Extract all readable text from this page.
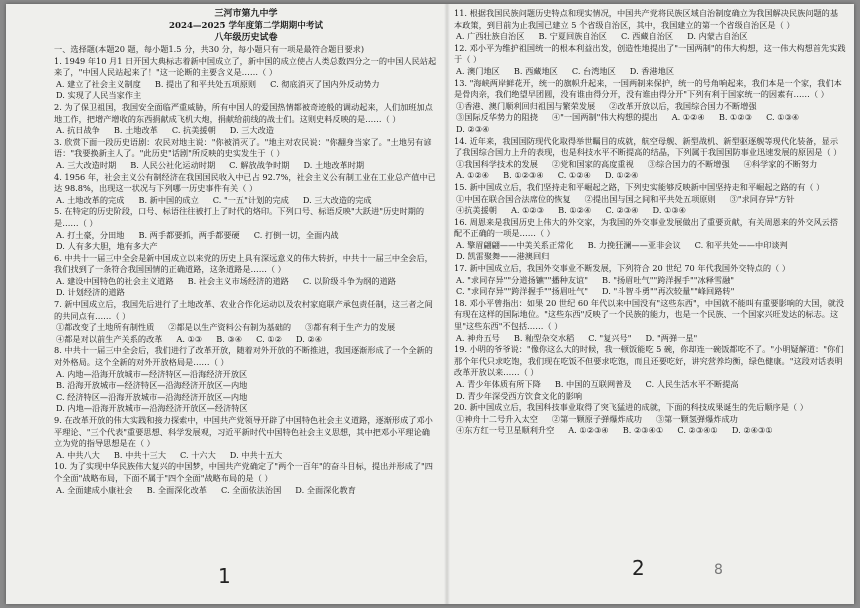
三河市第九中学
2024—2025 学年度第二学期期中考试
八年级历史试卷

一、选择题(本题20 题，每小题1.5 分，共30 分，每小题只有一项是最符合题目要求)

1. 1949 年10 月1 日开国大典标志着新中国成立了，新中国的成立使占人类总数四分之一的中国人民站起来了，"中国人民站起来了！"这一论断的主要含义是……（ ）

A. 建立了社会主义制度 B. 提出了和平共处五项原则 C. 彻底消灭了国内外反动势力
D. 实现了人民当家作主

2. 为了保卫祖国，我国安全面临严重威胁，所有中国人的爱国热情都被奇迹般的调动起来，人们加班加点地工作，把增产增收的东西捐献成飞机大炮，捐献给前线的战士们。这则史料反映的是……（ ）

A. 抗日战争 B. 土地改革 C. 抗美援朝 D. 三大改造

3. 欣赏下面一段历史语剧：农民对地主说："你被消灭了。"地主对农民说："你翻身当家了。"土地另有谚语："我要换新主人了。"此历史"话剧"所反映的史实发生于（ ）

A. 三大改造时期 B. 人民公社化运动时期 C. 解放战争时期 D. 土地改革时期

4. 1956 年，社会主义公有制经济在我国国民收入中已占 92.7%，社会主义公有制工业在工业总产值中已达 98.8%，出现这一状况与下列哪一历史事件有关（ ）

A. 土地改革的完成 B. 新中国的成立 C. "一五"计划的完成 D. 三大改造的完成

5. 在特定的历史阶段，口号、标语往往被打上了时代的烙印。下列口号、标语反映"大跃进"历史时期的是……（ ）

A. 打土豪，分田地 B. 两手都要抓，两手都要硬 C. 打倒一切，全面内战
D. 人有多大胆，地有多大产

6. 中共十一届三中全会是新中国成立以来党的历史上具有深远意义的伟大转折，中共十一届三中全会后，我们找到了一条符合我国国情的正确道路，这条道路是……（ ）

A. 建设中国特色的社会主义道路 B. 社会主义市场经济的道路 C. 以阶级斗争为纲的道路
D. 计划经济的道路

7. 新中国成立后，我国先后进行了土地改革、农业合作化运动以及农村家庭联产承包责任制，这三者之间的共同点有……（ ）

①都改变了土地所有制性质 ②都是以生产资料公有制为基础的 ③都有利于生产力的发展
④都是对以前生产关系的改革 A. ①③ B. ③④ C. ①② D. ②④

8. 中共十一届三中全会后，我们进行了改革开放，随着对外开放的不断推进，我国逐渐形成了一个全新的对外格局。这个全新的对外开放格局是……（ ）

A. 内地—沿海开放城市—经济特区—沿海经济开放区
B. 沿海开放城市—经济特区—沿海经济开放区—内地
C. 经济特区—沿海开放城市—沿海经济开放区—内地
D. 内地—沿海开放城市—沿海经济开放区—经济特区

9. 在改革开放的伟大实践和接力探索中，中国共产党领导开辟了中国特色社会主义道路，逐渐形成了邓小平理论、"三个代表"重要思想、科学发展观，习近平新时代中国特色社会主义思想，其中把邓小平理论确立为党的指导思想是在（ ）

A. 中共八大 B. 中共十三大 C. 十六大 D. 中共十五大

10. 为了实现中华民族伟大复兴的中国梦，中国共产党确定了"两个一百年"的奋斗目标，提出并形成了"四个全面"战略布局，下面不属于"四个全面"战略布局的是（ ）

A. 全面建成小康社会 B. 全面深化改革 C. 全面依法治国 D. 全面深化教育

11. 根据我国民族问题历史特点和现实情况，中国共产党将民族区域自治制度确立为我国解决民族问题的基本政策，到目前为止我国已建立 5 个省级自治区，其中，我国建立的第一个省级自治区是（ ）

A. 广西壮族自治区 B. 宁夏回族自治区 C. 西藏自治区 D. 内蒙古自治区

12. 邓小平为维护祖国统一的根本利益出发，创造性地提出了"一国两制"的伟大构想，这一伟大构想首先实践于（ ）

A. 澳门地区 B. 西藏地区 C. 台湾地区 D. 香港地区

13. "海峡两岸鲜花开，统一的旗帜升起来，一国两制来保护，统一的号角响起来，我们本是一个家，我们本是骨肉亲，我们绝望早团圆，没有谁由得分开，没有谁由得分开"下列有利于国家统一的因素有……（ ）

①香港、澳门顺利回归祖国与繁荣发展 ②改革开放以后，我国综合国力不断增强
③国际反华势力的阻挠 ④"一国两制"伟大构想的提出 A. ①②④ B. ①②③ C. ①③④
D. ②③④

14. 近年来，我国国防现代化取得举世瞩目的成就，航空母舰、新型战机、新型驱逐舰等现代化装备，显示了我国综合国力上升的表现，也是科技水平不断提高的结晶，下列属于我国国防事业迅速发展的原因是（ ）

①我国科学技术的发展 ②党和国家的高度重视 ③综合国力的不断增强 ④科学家的不断努力
A. ①②④ B. ①②③④ C. ①②④ D. ①②④

15. 新中国成立后，我们坚持走和平崛起之路，下列史实能够反映新中国坚持走和平崛起之路的有（ ）

①中国在联合国合法席位的恢复 ②提出国与国之间和平共处五项原则 ③"求同存异"方针
④抗美援朝 A. ①②③ B. ①②④ C. ②③④ D. ①③④

16. 周恩来是我国历史上伟大的外交家，为我国的外交事业发展做出了重要贡献，有关周恩来的外交风云搭配不正确的一项是……（ ）

A. 擎眉翩翩——中美关系正常化 B. 力挽狂澜——亚非会议 C. 和平共处——中印谈判
D. 凯雷聚舞——港澳回归

17. 新中国成立后，我国外交事业不断发展，下列符合 20 世纪 70 年代我国外交特点的（ ）

A. "求同存异""分道扬镳""播种友谊" B. "扬眉吐气""跨洋握手""冰释雪融"
C. "求同存异""跨洋握手""扬眉吐气" D. "斗智斗勇""再次较量""峰回路转"

18. 邓小平曾指出：如果 20 世纪 60 年代以来中国没有"这些东西"，中国就不能叫有重要影响的大国，就没有现在这样的国际地位。"这些东西"反映了一个民族的能力，也是一个民族、一个国家兴旺发达的标志。这里"这些东西"不包括……（ ）

A. 神舟五号 B. 籼型杂交水稻 C. "复兴号" D. "两弹一星"

19. 小明的爷爷说："像你这么大的时候，我一顿饭能吃 5 碗，你却连一碗饭都吃不了。"小明疑解道："你们那个年代只求吃饱，我们现在吃饭不但要求吃饱，而且还要吃好，讲究营养均衡，绿色健康。"这段对话表明改革开放以来……（ ）

A. 青少年体质有所下降 B. 中国的互联网普及 C. 人民生活水平不断提高
D. 青少年深受西方饮食文化的影响

20. 新中国成立后，我国科技事业取得了突飞猛进的成就，下面的科技成果诞生的先后顺序是（ ）

①神舟十二号升入太空 ②第一颗原子弹爆炸成功 ③第一颗氢弹爆炸成功
④东方红一号卫星顺利升空 A. ①②③④ B. ②③④① C. ②③④① D. ②④③①
1	2	8
